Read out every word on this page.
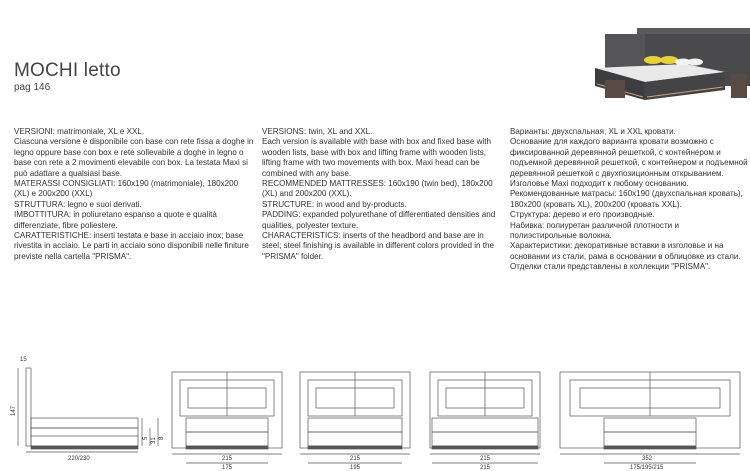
MOCHI letto
pag 146
VERSIONI: matrimoniale, XL e XXL.
Ciascuna versione è disponibile con base con rete fissa a doghe in legno oppure base con box e rete sollevabile a doghe in legno o base con rete a 2 movimenti elevabile con box. La testata Maxi si può adattare a qualsiasi base.
MATERASSI CONSIGLIATI: 160x190 (matrimoniale), 180x200 (XL) e 200x200 (XXL)
STRUTTURA: legno e suoi derivati.
IMBOTTITURA: in poliuretano espanso a quote e qualità differenziate, fibre poliestere.
CARATTERISTICHE: inserti testata e base in acciaio inox; base rivestita in acciaio. Le parti in acciaio sono disponibili nelle finiture previste nella cartella "PRISMA".
VERSIONS: twin, XL and XXL.
Each version is available with base with box and fixed base with wooden lists, base with box and lifting frame with wooden lists, lifting frame with two movements with box. Maxi head can be combined with any base.
RECOMMENDED MATTRESSES: 160x190 (twin bed), 180x200 (XL) and 200x200 (XXL).
STRUCTURE: in wood and by-products.
PADDING: expanded polyurethane of differentiated densities and qualities, polyester texture.
CHARACTERISTICS: inserts of the headbord and base are in steel; steel finishing is available in different colors provided in the "PRISMA" folder.
Варианты: двухспальная, XL и XXL кровати.
Основание для каждого варианта кровати возможно с фиксированной деревянной решеткой, с контейнером и подъемной деревянной решеткой, с контейнером и подъемной деревянной решеткой с двухпозиционным открыванием. Изголовье Maxi подходит к любому основанию.
Рекомендованные матрасы: 160x190 (двухспальная кровать), 180x200 (кровать XL), 200x200 (кровать XXL).
Структура: дерево и его производные.
Набивка: полиуретан различной плотности и полиэстирольные волокна.
Характеристики: декоративные вставки в изголовье и на основании из стали, рама в основании в облицовке из стали. Отделки стали представлены в коллекции "PRISMA".
15
147
5 31 8
220/230	215
175
215
195
215
215
352
175/195/215
